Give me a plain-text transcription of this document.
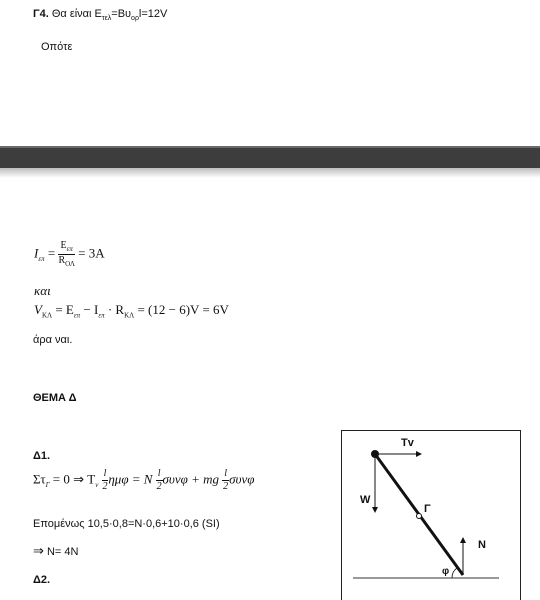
Γ4. Θα είναι $E_{\tau\varepsilon\lambda}=B\upsilon_{o\rho}l=12V$
Οπότε
$I_{\varepsilon\pi} = \frac{E_{\varepsilon\pi}}{R_{O\Lambda}} = 3A$
και
$V_{K\Lambda} = E_{\varepsilon\pi} - I_{\varepsilon\pi} \cdot R_{K\Lambda} = (12 - 6)V = 6V$
άρα ναι.
ΘΕΜΑ Δ
Δ1.
$\Sigma\tau_\Gamma = 0$ ⇒ $T_v \frac{l}{2}$ ημφ = N $\frac{l}{2}$ συνφ + mg $\frac{l}{2}$ συνφ
Επομένως 10,5·0,8=N·0,6+10·0,6 (SI)
⇒ N= 4N
Δ2.
Tv
W
Γ
N
φ
